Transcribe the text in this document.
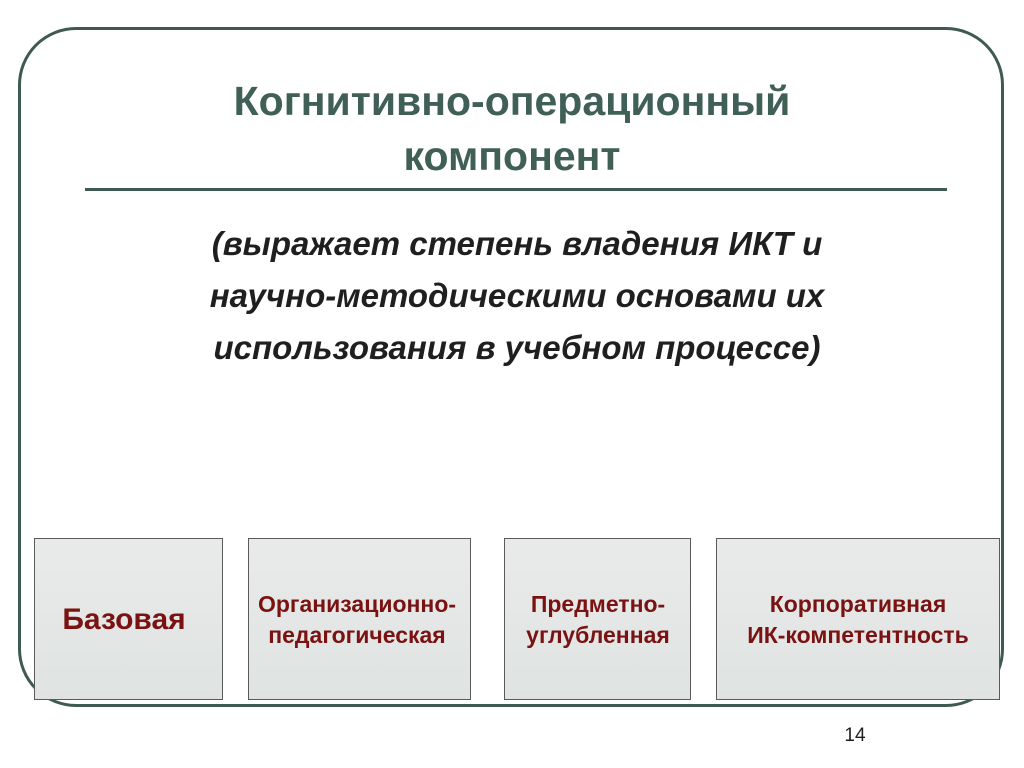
Когнитивно-операционный
компонент
(выражает степень владения ИКТ и
научно-методическими основами их
использования в учебном процессе)
Базовая	Организационно-
педагогическая
Предметно-
углубленная
Корпоративная
ИК-компетентность
14
